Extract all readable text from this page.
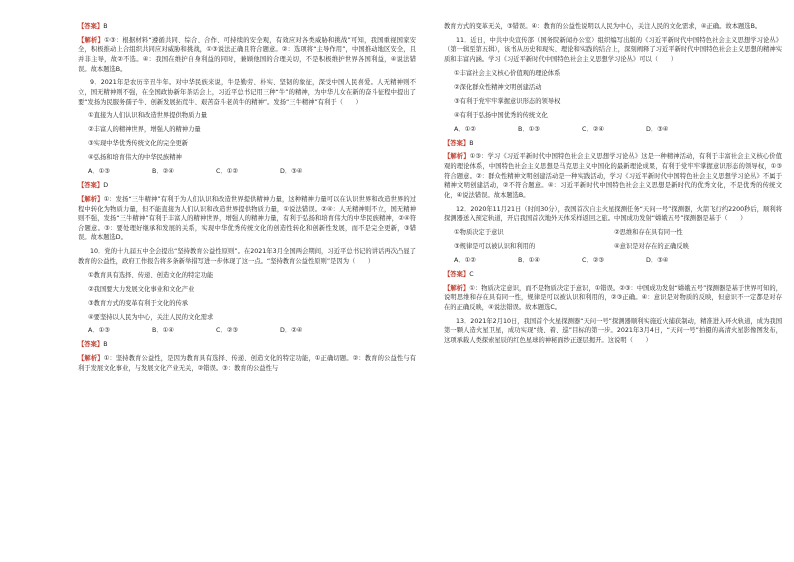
【 答案 】 B

【 解析 】 ①③：根据材料“遵循共同、综合、合作、可持续的安全观，有效应对各类威胁和挑战”可知，我国重视国家安全，积极推动上合组织共同应对威胁和挑战，①③说法正确且符合题意。②：选项将“主导作用”，中国推动地区安全，且并非主导，故②不选。④：我国在维护自身利益的同时，兼顾他国的合理关切，不是积极维护世界各国利益，④说法错误。故本题选B。

9．2021年是农历辛丑牛年。对中华民族来说，牛是勤劳、朴实、坚韧的象征，深受中国人民喜爱。人无精神则不立，国无精神则不强，在全国政协新年茶话会上，习近平总书记用三种“牛”的精神，为中华儿女在新的奋斗征程中提出了要“发扬为民服务孺子牛、创新发展拓荒牛、艰苦奋斗老黄牛的精神”。发扬“三牛精神”有利于（　　）

①直接为人们认识和改造世界提供物质力量

②丰富人的精神世界，增强人的精神力量

③实现中华优秀传统文化的完全更新

④弘扬和培育伟大的中华民族精神

A．①③	B．②④	C．①②	D．③④

【 答案 】 D

【 解析 】 ①：发扬“三牛精神”有利于为人们认识和改造世界提供精神力量，这种精神力量可以在认识世界和改造世界的过程中转化为物质力量，但不能直接为人们认识和改造世界提供物质力量，①说法错误。②④：人无精神则不立，国无精神则不强，发扬“三牛精神”有利于丰富人的精神世界，增强人的精神力量，有利于弘扬和培育伟大的中华民族精神，②④符合题意。③：要处理好继承和发展的关系，实现中华优秀传统文化的创造性转化和创新性发展，而不是完全更新，③错误。故本题选D。

10．党的十九届五中全会提出“坚持教育公益性原则”。在2021年3月全国两会期间，习近平总书记的讲话再次凸显了教育的公益性，政府工作报告将多条新举措写进一步体现了这一点。“坚持教育公益性原则”是因为（　　）

①教育具有选择、传递、创造文化的特定功能

②我国要大力发展文化事业和文化产业

③教育方式的变革有利于文化的传承

④要坚持以人民为中心，关注人民的文化需求

A．①③	B．①④	C．②③	D．②④

【 答案 】 B

【 解析 】 ①：坚持教育公益性，是因为教育具有选择、传递、创造文化的特定功能，①正确切题。②：教育的公益性与有利于发展文化事业，与发展文化产业无关，②错误。③：教育的公益性与

教育方式的变革无关，③错误。④：教育的公益性说明以人民为中心，关注人民的文化需求，④正确。故本题选B。

11．近日，中共中央宣传部（国务院新闻办公室）组织编写出版的《习近平新时代中国特色社会主义思想学习论丛》（第一辑至第五辑），该书从历史和现实、理论和实践的结合上，深刻阐释了习近平新时代中国特色社会主义思想的精神实质和丰富内涵。学习《习近平新时代中国特色社会主义思想学习论丛》可以（　　）

①丰富社会主义核心价值观的理论体系

②深化群众性精神文明创建活动

③有利于党牢牢掌握意识形态的领导权

④有利于弘扬中国优秀的传统文化

A．①②	B．①③	C．②④	D．③④

【 答案 】 B

【 解析 】 ①③：学习《习近平新时代中国特色社会主义思想学习论丛》这是一种精神活动，有利于丰富社会主义核心价值观的理论体系，中国特色社会主义思想是马克思主义中国化的最新理论成果，有利于党牢牢掌握意识形态的领导权，①③符合题意。②：群众性精神文明创建活动是一种实践活动，学习《习近平新时代中国特色社会主义思想学习论丛》不属于精神文明创建活动，②不符合题意。④：习近平新时代中国特色社会主义思想是新时代的优秀文化，不是优秀的传统文化，④说法错误。故本题选B。

12．2020年11月21日（时间30分），我国首次自主火星探测任务“天问一号”探测器，火箭飞行约2200秒后，顺利将探测器送入预定轨道，开启我国首次地外天体采样返回之旅。中国成功发射“嫦娥五号”探测器是基于（　　）

①物质决定于意识	②思维和存在具有同一性
③规律是可以被认识和利用的	④意识是对存在的正确反映
A．①②	B．①④	C．②③	D．③④

【 答案 】 C

【 解析 】 ①：物质决定意识，而不是物质决定于意识，①错误。②③：中国成功发射“嫦娥五号”探测器是基于世界可知的，说明思维和存在具有同一性，规律是可以被认识和利用的，②③正确。④：意识是对物质的反映，但意识不一定都是对存在的正确反映，④说法错误。故本题选C。

13．2021年2月10日，我国首个火星探测器“天问一号”探测器顺利实施近火捕获制动，精准进入环火轨道，成为我国第一颗人造火星卫星，成功实现“绕、着、巡”目标的第一步。2021年3月4日，“天问一号”拍摄的高清火星影像图发布，这项承载人类探索星辰的红色星球的神秘面纱正逐层揭开。这说明（　　）
